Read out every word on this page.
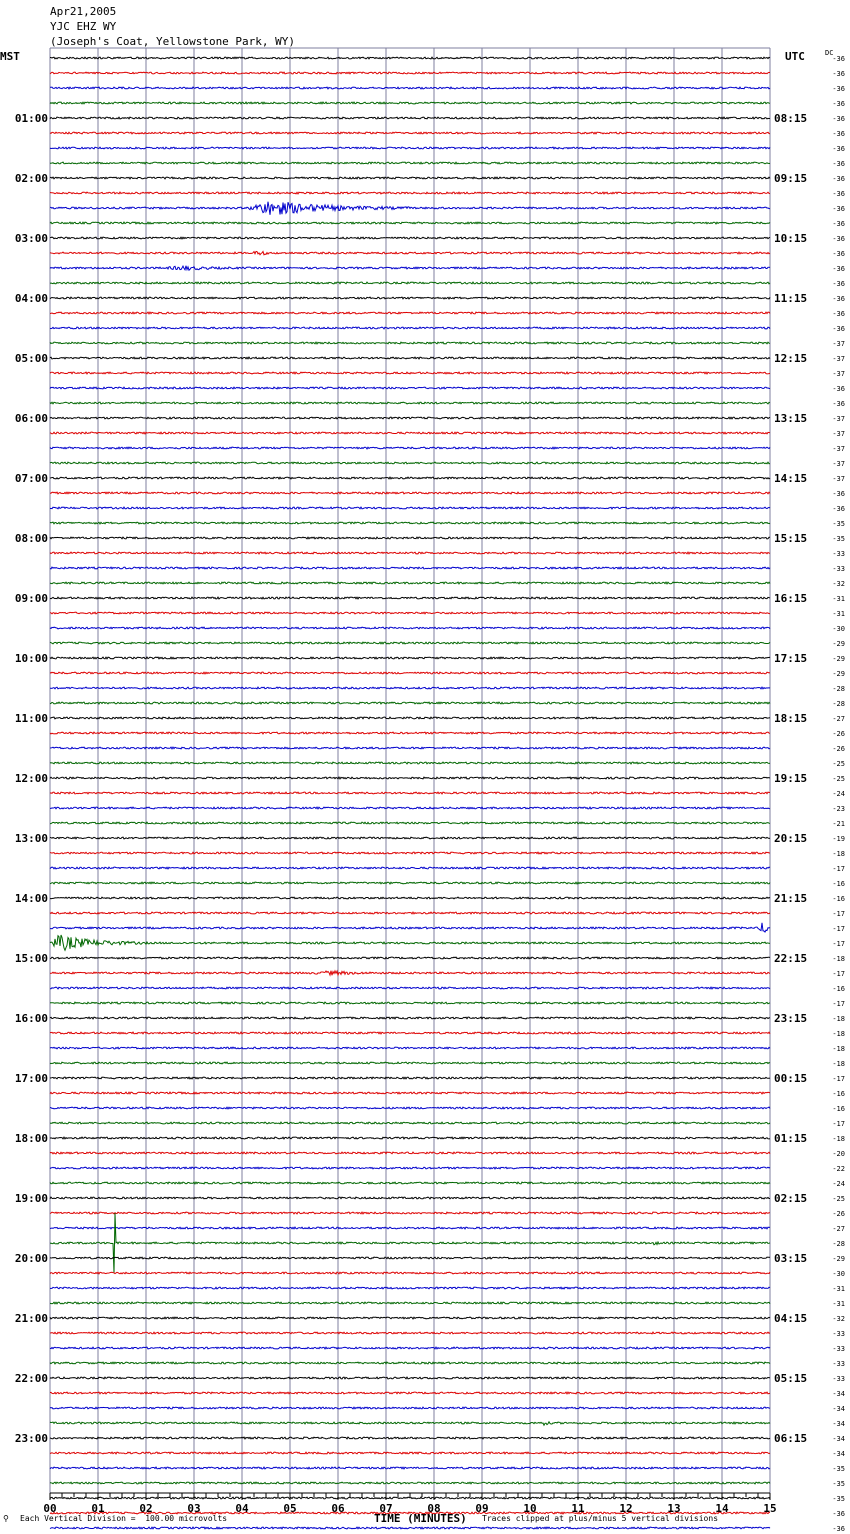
Apr21,2005
YJC EHZ WY
(Joseph's Coat, Yellowstone Park, WY)
MST	UTC	DC
01:00
02:00
03:00
04:00
05:00
06:00
07:00
08:00
09:00
10:00
11:00
12:00
13:00
14:00
15:00
16:00
17:00
18:00
19:00
20:00
21:00
22:00
23:00
08:15
09:15
10:15
11:15
12:15
13:15
14:15
15:15
16:15
17:15
18:15
19:15
20:15
21:15
22:15
23:15
00:15
01:15
02:15
03:15
04:15
05:15
06:15
-36
-36
-36
-36
-36
-36
-36
-36
-36
-36
-36
-36
-36
-36
-36
-36
-36
-36
-36
-37
-37
-37
-36
-36
-37
-37
-37
-37
-37
-36
-36
-35
-35
-33
-33
-32
-31
-31
-30
-29
-29
-29
-28
-28
-27
-26
-26
-25
-25
-24
-23
-21
-19
-18
-17
-16
-16
-17
-17
-17
-18
-17
-16
-17
-18
-18
-18
-18
-17
-16
-16
-17
-18
-20
-22
-24
-25
-26
-27
-28
-29
-30
-31
-31
-32
-33
-33
-33
-33
-34
-34
-34
-34
-34
-35
-35
-35
-36
-36
00	01	02	03	04	05	06	07	08	09	10	11	12	13	14	15
⚲ Each Vertical Division =  100.00 microvolts	TIME (MINUTES) Traces clipped at plus/minus 5 vertical divisions
